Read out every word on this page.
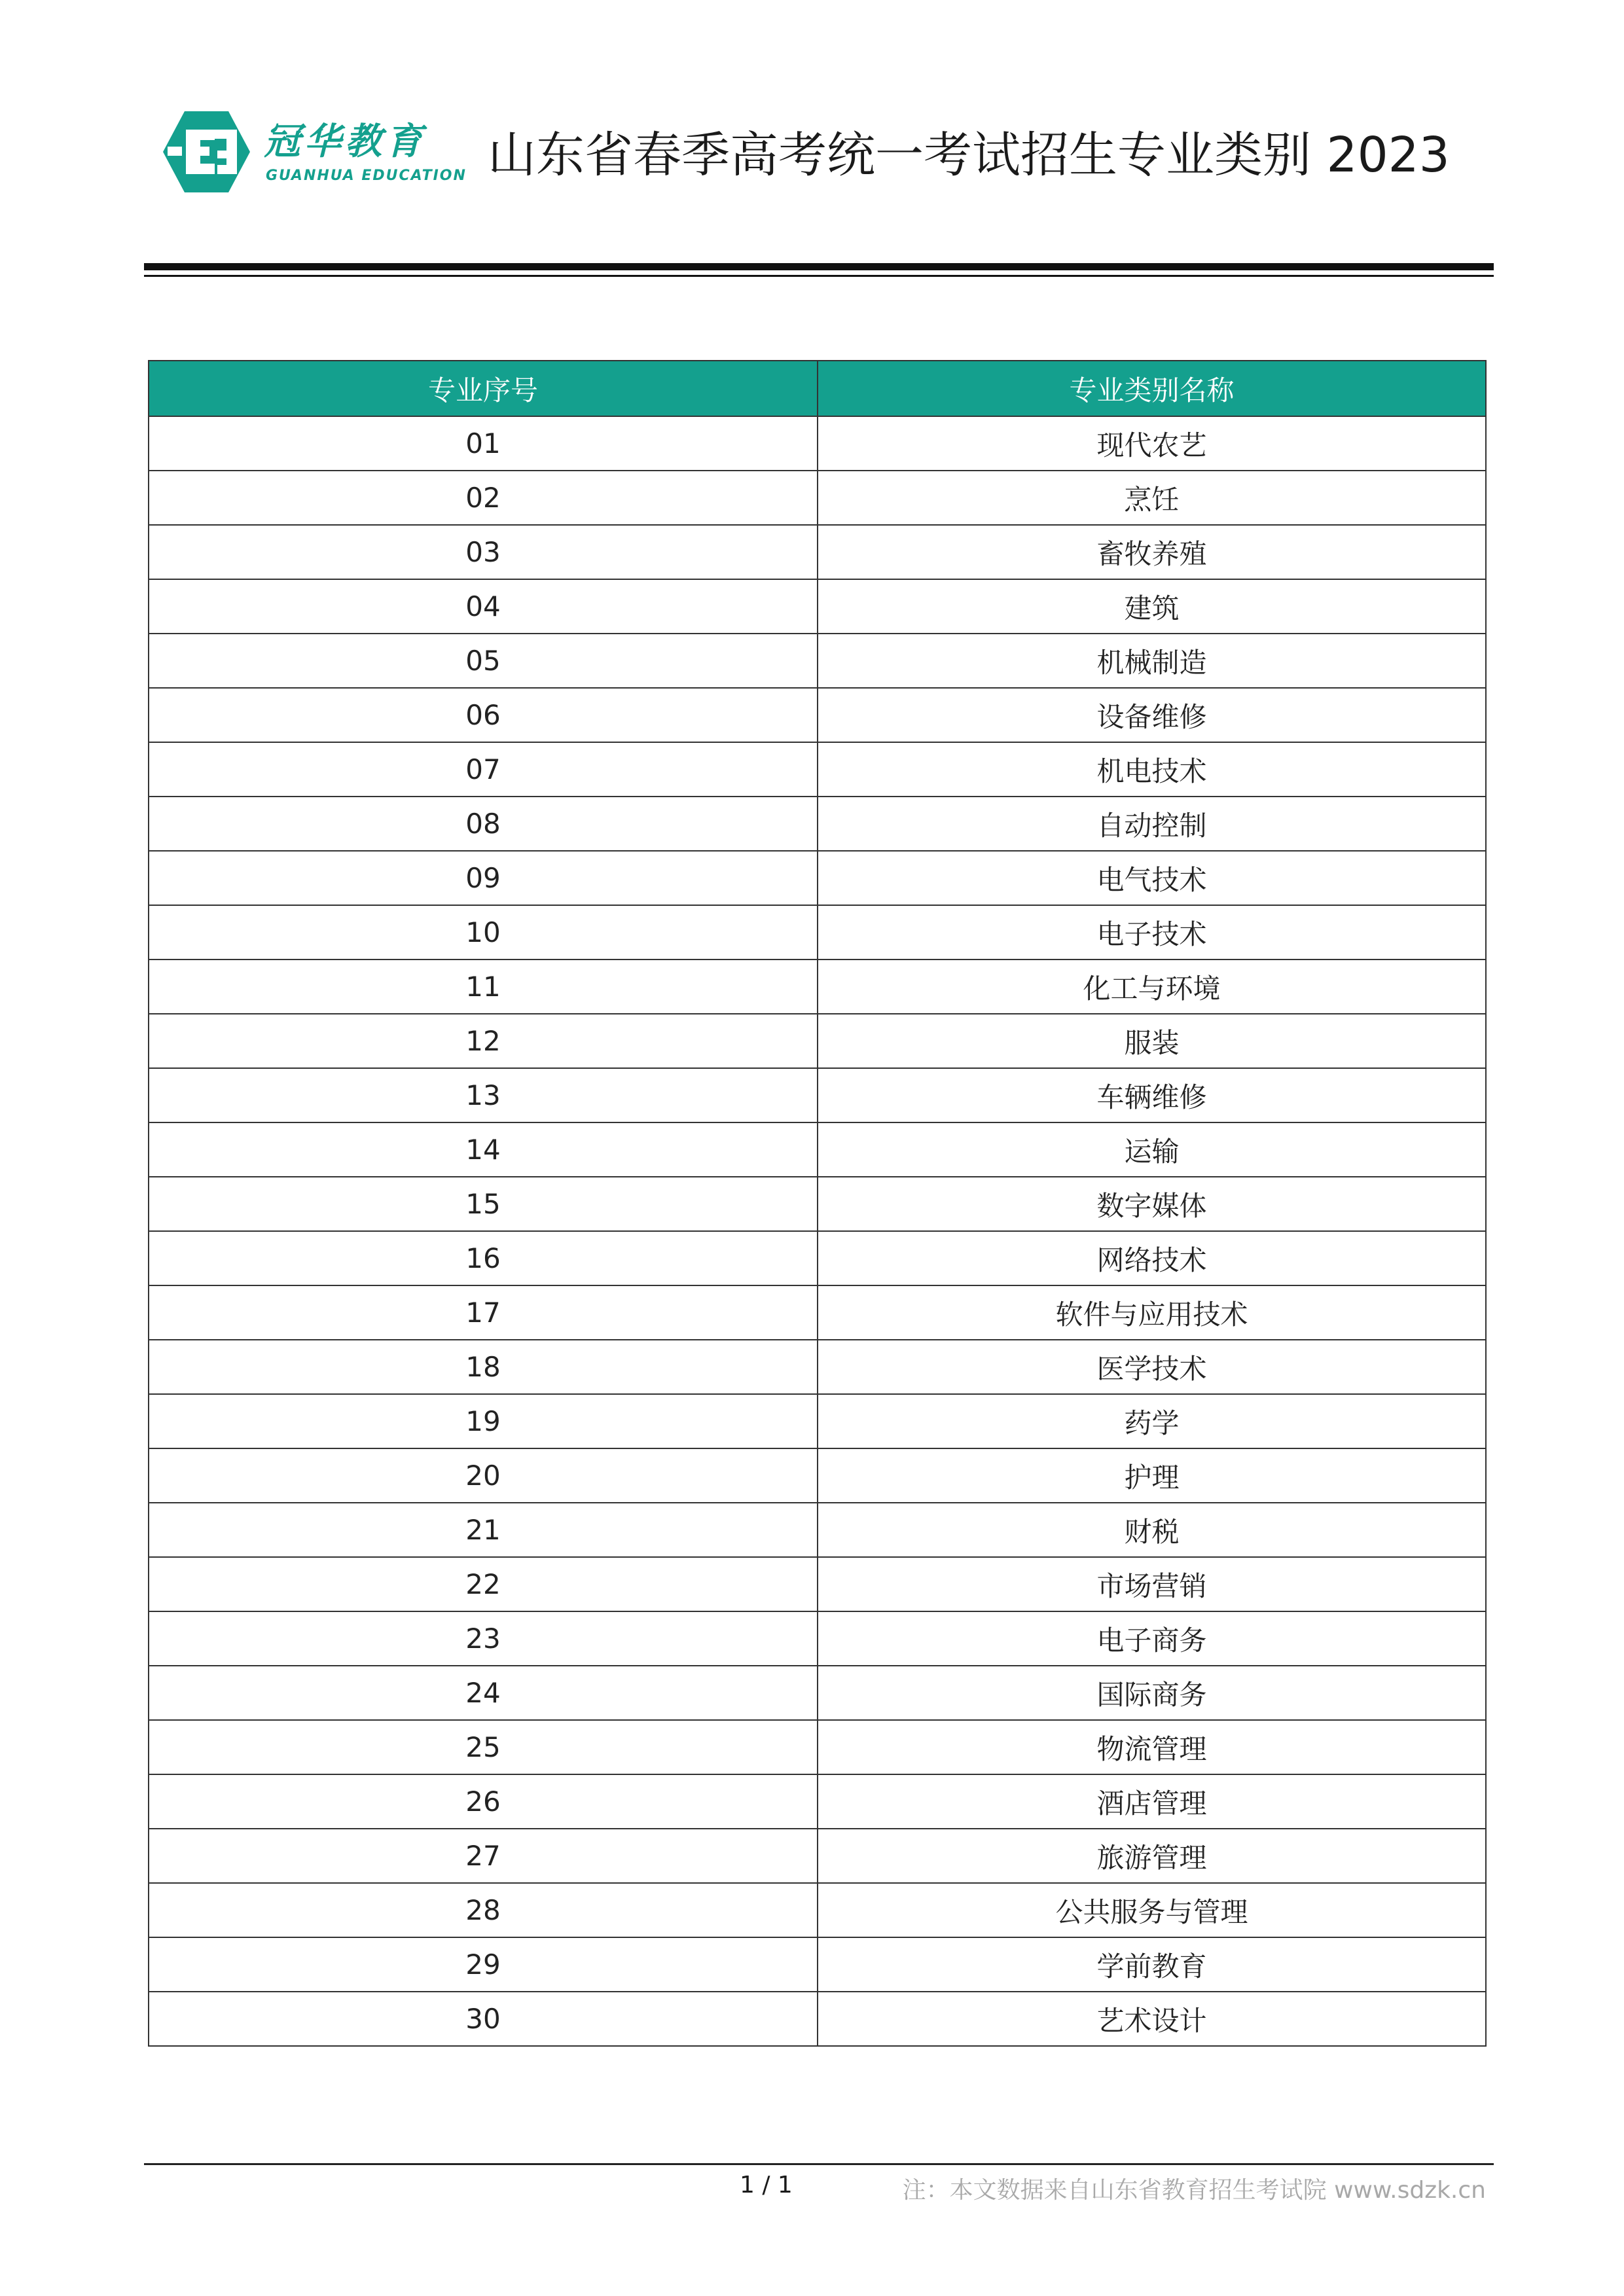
冠华教育
GUANHUA EDUCATION 山东省春季高考统一考试招生专业类别 2023
专业序号	专业类别名称
01	现代农艺
02	烹饪
03	畜牧养殖
04	建筑
05	机械制造
06	设备维修
07	机电技术
08	自动控制
09	电气技术
10	电子技术
11	化工与环境
12	服装
13	车辆维修
14	运输
15	数字媒体
16	网络技术
17	软件与应用技术
18	医学技术
19	药学
20	护理
21	财税
22	市场营销
23	电子商务
24	国际商务
25	物流管理
26	酒店管理
27	旅游管理
28	公共服务与管理
29	学前教育
30	艺术设计
1 / 1	注：本文数据来自山东省教育招生考试院 www.sdzk.cn
